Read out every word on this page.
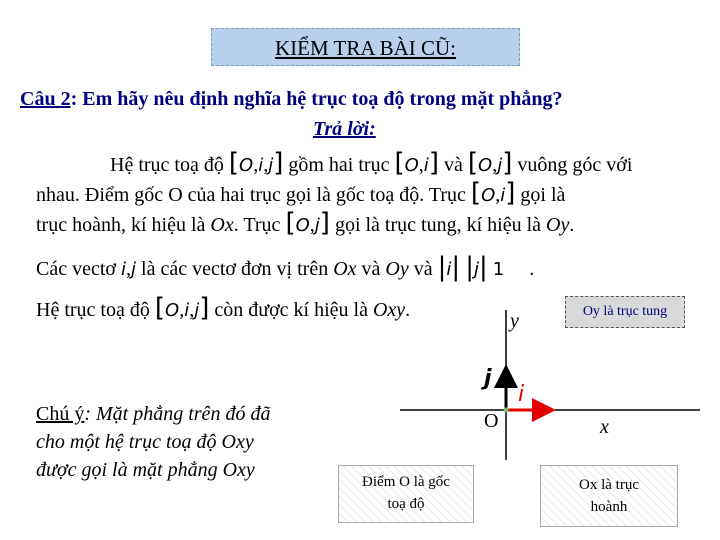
KIỂM TRA BÀI CŨ:
Câu 2: Em hãy nêu định nghĩa hệ trục toạ độ trong mặt phẳng?
Trả lời:
Hệ trục toạ độ [O,i,j] gồm hai trục [O,i] và [O,j] vuông góc với
nhau. Điểm gốc O của hai trục gọi là gốc toạ độ. Trục [O,i] gọi là
trục hoành, kí hiệu là Ox. Trục [O,j] gọi là trục tung, kí hiệu là Oy.
Các vectơ i,j là các vectơ đơn vị trên Ox và Oy và |i| |j| 1 .
Hệ trục toạ độ [O,i,j] còn được kí hiệu là Oxy.
Chú ý: Mặt phẳng trên đó đã
cho một hệ trục toạ độ Oxy
được gọi là mặt phẳng Oxy
y
x
O
i
j
Oy là trục tung
Điểm O là gốc
toạ độ
Ox là trục
hoành
